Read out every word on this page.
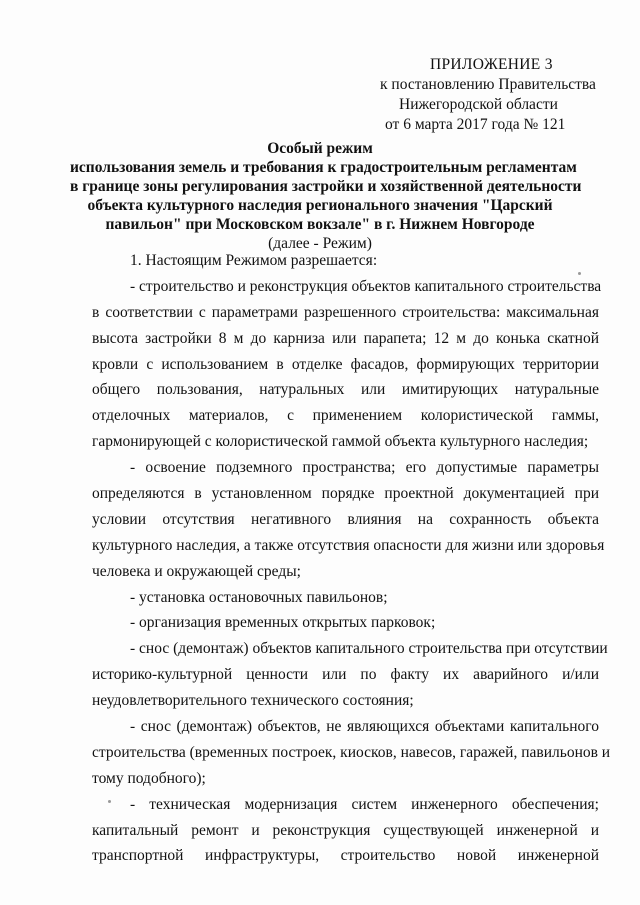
ПРИЛОЖЕНИЕ 3
к постановлению Правительства
Нижегородской области
от 6 марта 2017 года № 121
Особый режим
использования земель и требования к градостроительным регламентам
в границе зоны регулирования застройки и хозяйственной деятельности
объекта культурного наследия регионального значения "Царский
павильон" при Московском вокзале" в г. Нижнем Новгороде
(далее - Режим)
1. Настоящим Режимом разрешается:
- строительство и реконструкция объектов капитального строительства
в соответствии с параметрами разрешенного строительства: максимальная
высота застройки 8 м до карниза или парапета; 12 м до конька скатной
кровли с использованием в отделке фасадов, формирующих территории
общего пользования, натуральных или имитирующих натуральные
отделочных материалов, с применением колористической гаммы,
гармонирующей с колористической гаммой объекта культурного наследия;
- освоение подземного пространства; его допустимые параметры
определяются в установленном порядке проектной документацией при
условии отсутствия негативного влияния на сохранность объекта
культурного наследия, а также отсутствия опасности для жизни или здоровья
человека и окружающей среды;
- установка остановочных павильонов;
- организация временных открытых парковок;
- снос (демонтаж) объектов капитального строительства при отсутствии
историко-культурной ценности или по факту их аварийного и/или
неудовлетворительного технического состояния;
- снос (демонтаж) объектов, не являющихся объектами капитального
строительства (временных построек, киосков, навесов, гаражей, павильонов и
тому подобного);
- техническая модернизация систем инженерного обеспечения;
капитальный ремонт и реконструкция существующей инженерной и
транспортной инфраструктуры, строительство новой инженерной
